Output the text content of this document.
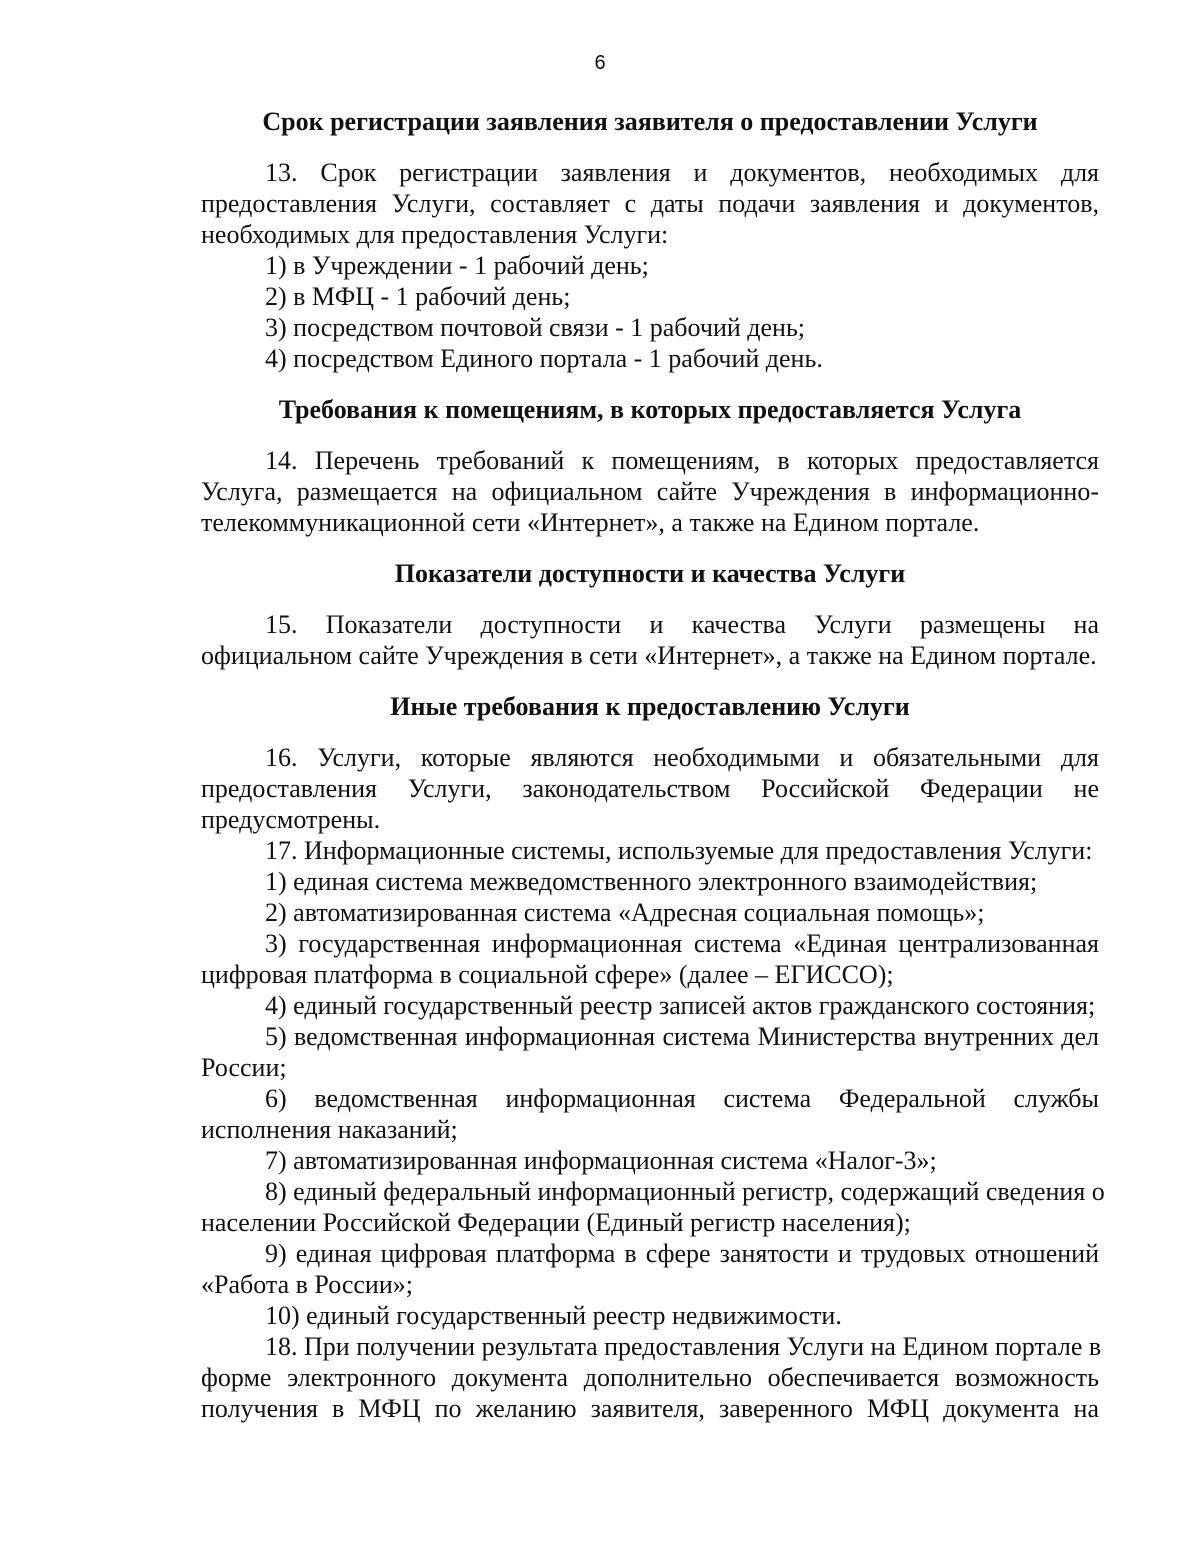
6
Срок регистрации заявления заявителя о предоставлении Услуги
13. Срок регистрации заявления и документов, необходимых для
предоставления Услуги, составляет с даты подачи заявления и документов,
необходимых для предоставления Услуги:
1) в Учреждении - 1 рабочий день;
2) в МФЦ - 1 рабочий день;
3) посредством почтовой связи - 1 рабочий день;
4) посредством Единого портала - 1 рабочий день.
Требования к помещениям, в которых предоставляется Услуга
14. Перечень требований к помещениям, в которых предоставляется
Услуга, размещается на официальном сайте Учреждения в информационно-
телекоммуникационной сети «Интернет», а также на Едином портале.
Показатели доступности и качества Услуги
15. Показатели доступности и качества Услуги размещены на
официальном сайте Учреждения в сети «Интернет», а также на Едином портале.
Иные требования к предоставлению Услуги
16. Услуги, которые являются необходимыми и обязательными для
предоставления Услуги, законодательством Российской Федерации не
предусмотрены.
17. Информационные системы, используемые для предоставления Услуги:
1) единая система межведомственного электронного взаимодействия;
2) автоматизированная система «Адресная социальная помощь»;
3) государственная информационная система «Единая централизованная
цифровая платформа в социальной сфере» (далее – ЕГИССО);
4) единый государственный реестр записей актов гражданского состояния;
5) ведомственная информационная система Министерства внутренних дел
России;
6) ведомственная информационная система Федеральной службы
исполнения наказаний;
7) автоматизированная информационная система «Налог-3»;
8) единый федеральный информационный регистр, содержащий сведения о
населении Российской Федерации (Единый регистр населения);
9) единая цифровая платформа в сфере занятости и трудовых отношений
«Работа в России»;
10) единый государственный реестр недвижимости.
18. При получении результата предоставления Услуги на Едином портале в
форме электронного документа дополнительно обеспечивается возможность
получения в МФЦ по желанию заявителя, заверенного МФЦ документа на
